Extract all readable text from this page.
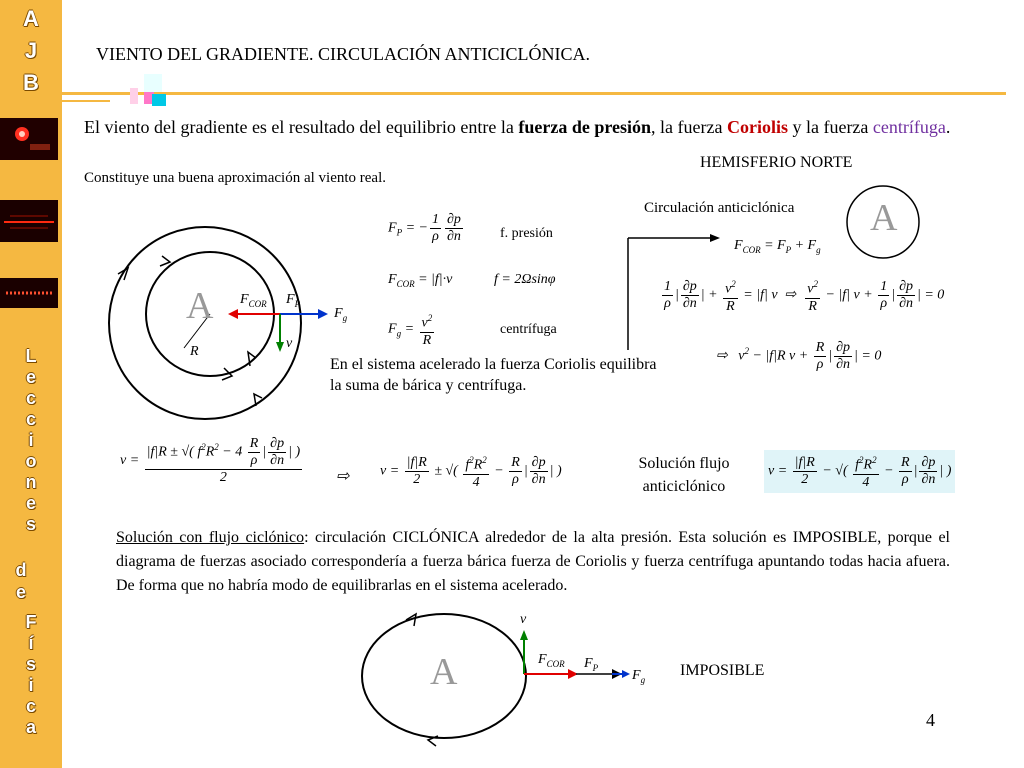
A
J
B
L
e
c
c
i
o
n
e
s
d
e
F
í
s
i
c
a
VIENTO DEL GRADIENTE. CIRCULACIÓN ANTICICLÓNICA.
El viento del gradiente es el resultado del equilibrio entre la fuerza de presión, la fuerza Coriolis y la fuerza centrífuga.
Constituye una buena aproximación al viento real.
HEMISFERIO NORTE
Circulación anticiclónica A
A $F_{COR}$ $F_P$
$F_g$
v
R
$F_P$ = − $\frac{1}{\rho} \frac{\partial p}{\partial n}$	f. presión
$F_{COR} = |f|\cdot v$	f = 2Ωsinφ
$F_g = \frac{v^2}{R}$	centrífuga
$F_{COR} = F_P + F_g$
$\frac{1}{\rho}$ | $\frac{\partial p}{\partial n}$ | + $\frac{v^2}{R} = |f|$ v  ⇨ $\frac{v^2}{R} - |f|$ $v + \frac{1}{\rho}$ | $\frac{\partial p}{\partial n}$ | = 0
⇨   $v^2 - |f|R$ $v + \frac{R}{\rho}$ | $\frac{\partial p}{\partial n}$ | = 0
En el sistema acelerado la fuerza Coriolis equilibra la suma de bárica y centrífuga.
$v = \frac{|f|R \pm √( f^2R^2 - 4 \frac{R}{\rho} | \frac{\partial p}{\partial n} | )}{2}$ ⇨ $v = \frac{|f|R}{2}$ ± √( $\frac{f^2R^2}{4} - \frac{R}{\rho}$ | $\frac{\partial p}{\partial n}$ | )	Solución flujo anticiclónico
$v = \frac{|f|R}{2}$ − √( $\frac{f^2R^2}{4} - \frac{R}{\rho}$ | $\frac{\partial p}{\partial n}$ | )
Solución con flujo ciclónico: circulación CICLÓNICA alrededor de la alta presión. Esta solución es IMPOSIBLE, porque el diagrama de fuerzas asociado correspondería a fuerza bárica fuerza de Coriolis y fuerza centrífuga apuntando todas hacia afuera. De forma que no habría modo de equilibrarlas en el sistema acelerado.
A
v
$F_{COR}$ $F_P$
$F_g$
IMPOSIBLE
4
